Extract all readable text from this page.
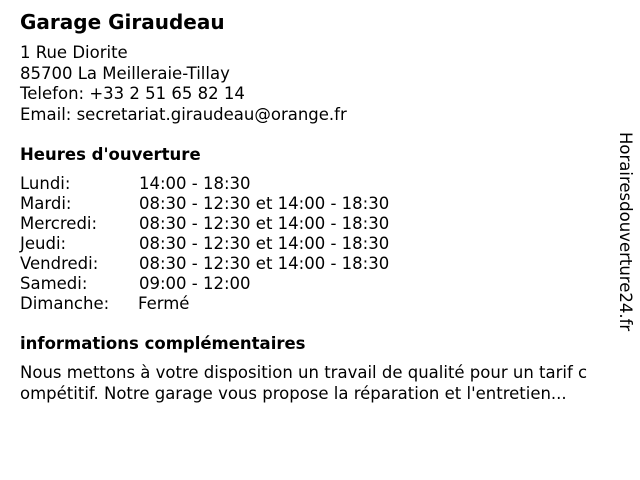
Garage Giraudeau
1 Rue Diorite
85700 La Meilleraie-Tillay
Telefon: +33 2 51 65 82 14
Email: secretariat.giraudeau@orange.fr
Heures d'ouverture
Lundi:	14:00 - 18:30
Mardi:	08:30 - 12:30 et 14:00 - 18:30
Mercredi:	08:30 - 12:30 et 14:00 - 18:30
Jeudi:	08:30 - 12:30 et 14:00 - 18:30
Vendredi: 08:30 - 12:30 et 14:00 - 18:30
Samedi:	09:00 - 12:00
Dimanche: Fermé
informations complémentaires
Nous mettons à votre disposition un travail de qualité pour un tarif c
ompétitif. Notre garage vous propose la réparation et l'entretien...
Horairesdouverture24.fr
